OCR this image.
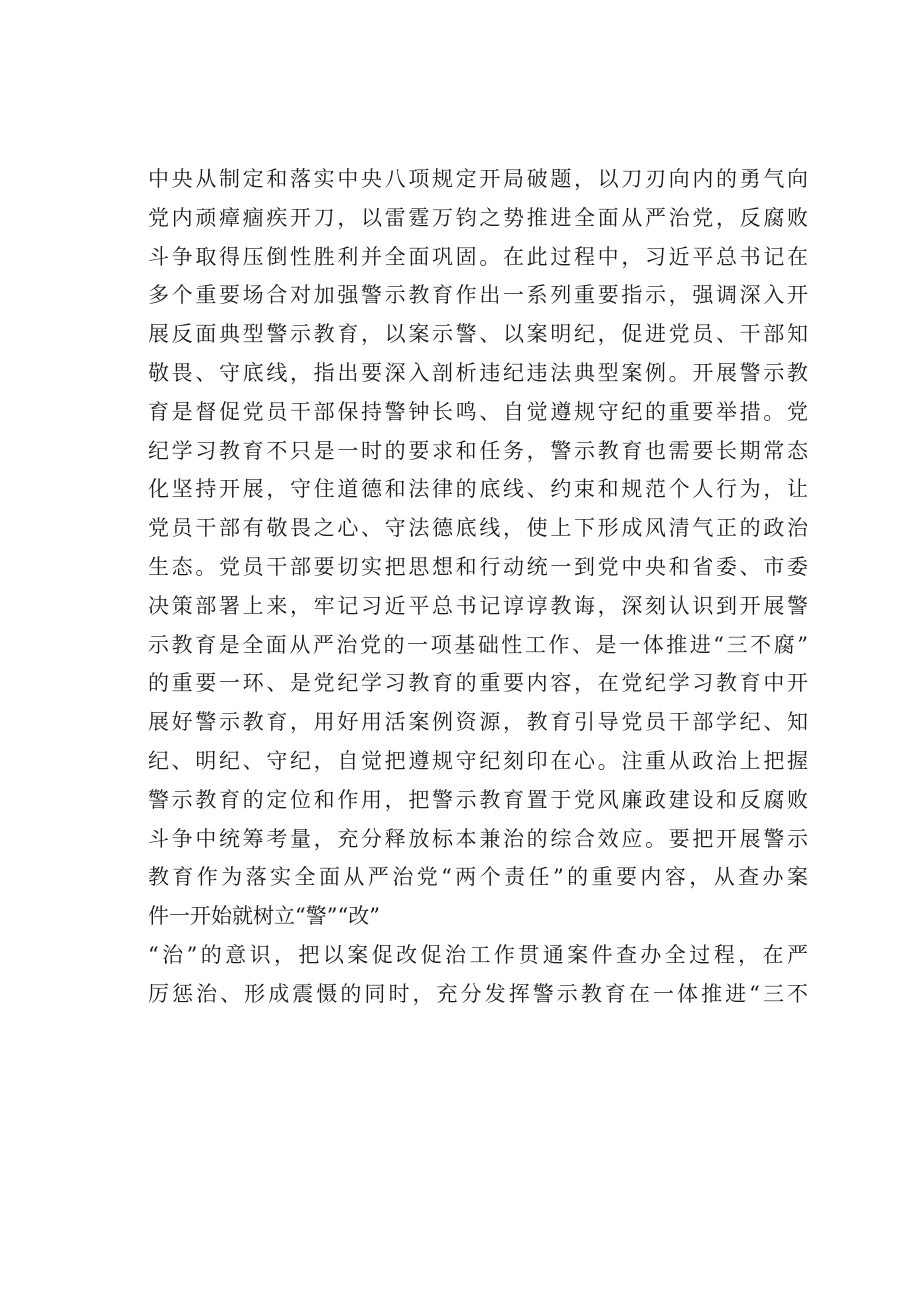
中央从制定和落实中央八项规定开局破题，以刀刃向内的勇气向
党内顽瘴痼疾开刀，以雷霆万钧之势推进全面从严治党，反腐败
斗争取得压倒性胜利并全面巩固。在此过程中，习近平总书记在
多个重要场合对加强警示教育作出一系列重要指示，强调深入开
展反面典型警示教育，以案示警、以案明纪，促进党员、干部知
敬畏、守底线，指出要深入剖析违纪违法典型案例。开展警示教
育是督促党员干部保持警钟长鸣、自觉遵规守纪的重要举措。党
纪学习教育不只是一时的要求和任务，警示教育也需要长期常态
化坚持开展，守住道德和法律的底线、约束和规范个人行为，让
党员干部有敬畏之心、守法德底线，使上下形成风清气正的政治
生态。党员干部要切实把思想和行动统一到党中央和省委、市委
决策部署上来，牢记习近平总书记谆谆教诲，深刻认识到开展警
示教育是全面从严治党的一项基础性工作、是一体推进“三不腐”
的重要一环、是党纪学习教育的重要内容，在党纪学习教育中开
展好警示教育，用好用活案例资源，教育引导党员干部学纪、知
纪、明纪、守纪，自觉把遵规守纪刻印在心。注重从政治上把握
警示教育的定位和作用，把警示教育置于党风廉政建设和反腐败
斗争中统筹考量，充分释放标本兼治的综合效应。要把开展警示
教育作为落实全面从严治党“两个责任”的重要内容，从查办案
件一开始就树立“警”“改”
“治”的意识，把以案促改促治工作贯通案件查办全过程，在严
厉惩治、形成震慑的同时，充分发挥警示教育在一体推进“三不
